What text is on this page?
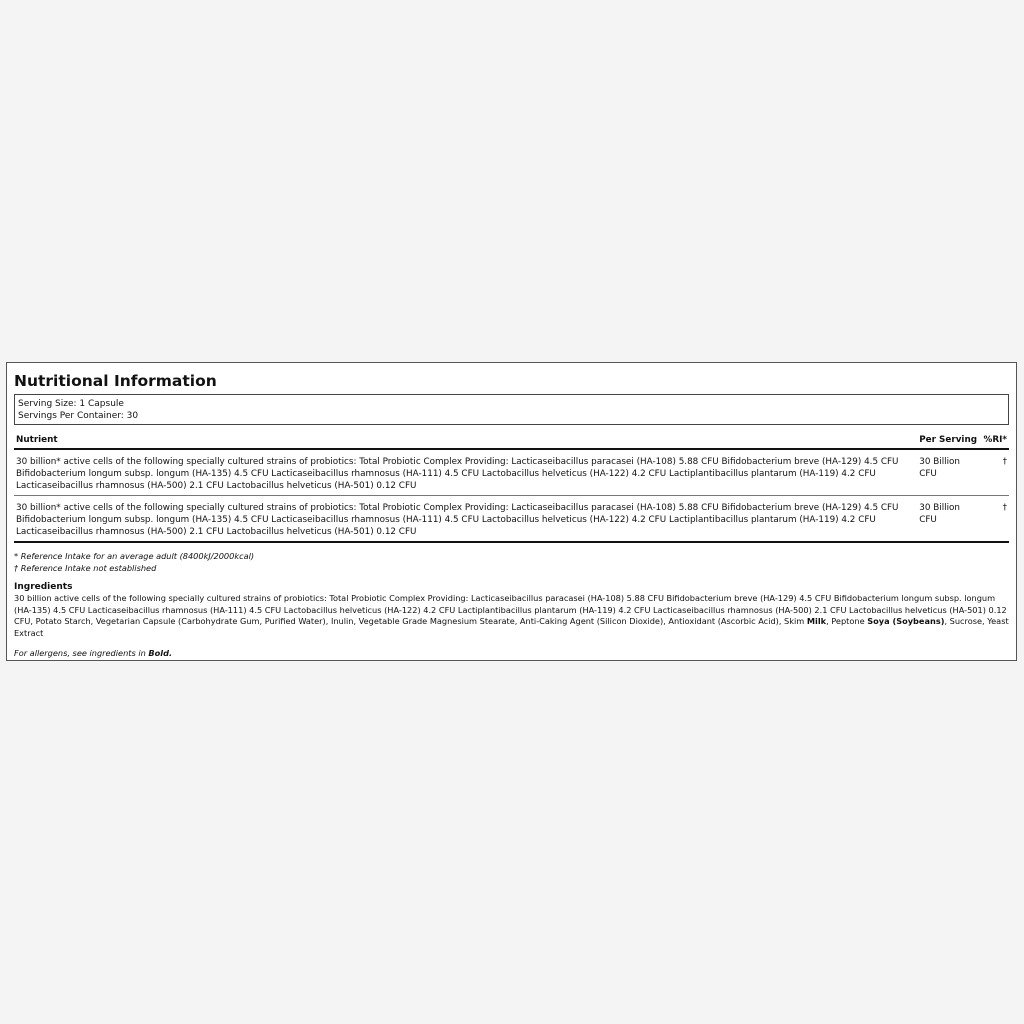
Nutritional Information
Serving Size: 1 Capsule
Servings Per Container: 30
Nutrient	Per Serving	%RI*
30 billion* active cells of the following specially cultured strains of probiotics: Total Probiotic Complex Providing: Lacticaseibacillus paracasei (HA-108) 5.88 CFU Bifidobacterium breve (HA-129) 4.5 CFU Bifidobacterium longum subsp. longum (HA-135) 4.5 CFU Lacticaseibacillus rhamnosus (HA-111) 4.5 CFU Lactobacillus helveticus (HA-122) 4.2 CFU Lactiplantibacillus plantarum (HA-119) 4.2 CFU Lacticaseibacillus rhamnosus (HA-500) 2.1 CFU Lactobacillus helveticus (HA-501) 0.12 CFU	30 Billion CFU	†
30 billion* active cells of the following specially cultured strains of probiotics: Total Probiotic Complex Providing: Lacticaseibacillus paracasei (HA-108) 5.88 CFU Bifidobacterium breve (HA-129) 4.5 CFU Bifidobacterium longum subsp. longum (HA-135) 4.5 CFU Lacticaseibacillus rhamnosus (HA-111) 4.5 CFU Lactobacillus helveticus (HA-122) 4.2 CFU Lactiplantibacillus plantarum (HA-119) 4.2 CFU Lacticaseibacillus rhamnosus (HA-500) 2.1 CFU Lactobacillus helveticus (HA-501) 0.12 CFU	30 Billion CFU	†
* Reference Intake for an average adult (8400kJ/2000kcal)
† Reference Intake not established
Ingredients
30 billion active cells of the following specially cultured strains of probiotics: Total Probiotic Complex Providing: Lacticaseibacillus paracasei (HA-108) 5.88 CFU Bifidobacterium breve (HA-129) 4.5 CFU Bifidobacterium longum subsp. longum (HA-135) 4.5 CFU Lacticaseibacillus rhamnosus (HA-111) 4.5 CFU Lactobacillus helveticus (HA-122) 4.2 CFU Lactiplantibacillus plantarum (HA-119) 4.2 CFU Lacticaseibacillus rhamnosus (HA-500) 2.1 CFU Lactobacillus helveticus (HA-501) 0.12 CFU, Potato Starch, Vegetarian Capsule (Carbohydrate Gum, Purified Water), Inulin, Vegetable Grade Magnesium Stearate, Anti-Caking Agent (Silicon Dioxide), Antioxidant (Ascorbic Acid), Skim Milk, Peptone Soya (Soybeans), Sucrose, Yeast Extract
For allergens, see ingredients in Bold.
